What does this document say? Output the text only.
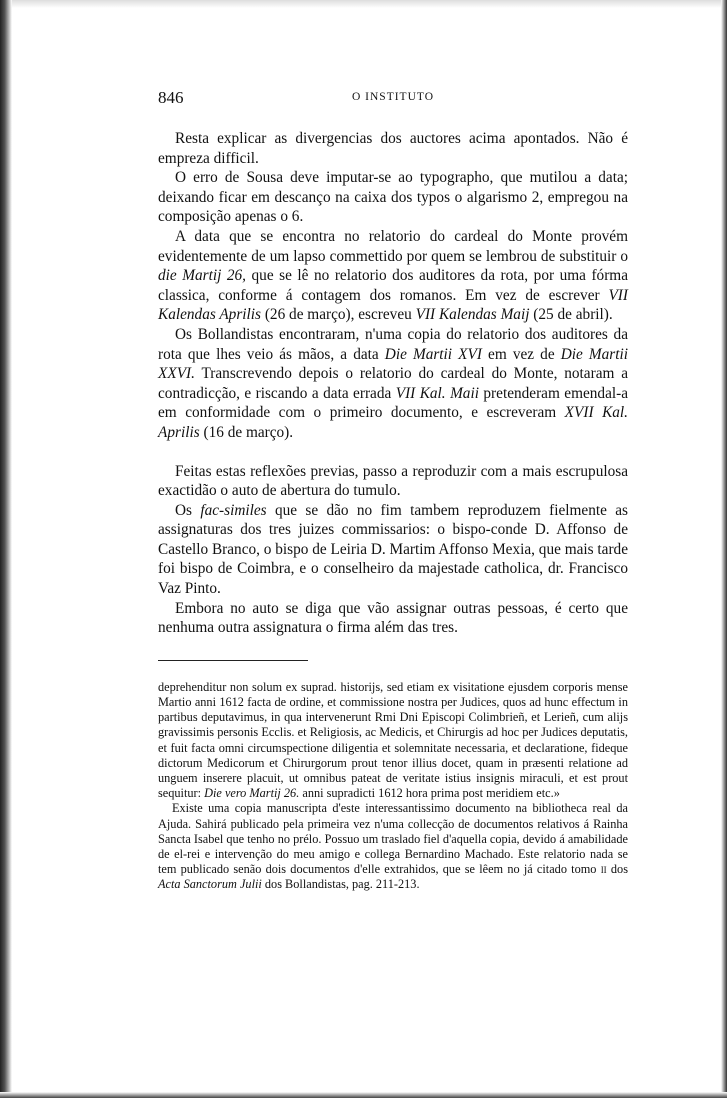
846	O INSTITUTO

Resta explicar as divergencias dos auctores acima apontados. Não é empreza difficil.

O erro de Sousa deve imputar-se ao typographo, que mutilou a data; deixando ficar em descanço na caixa dos typos o algarismo 2, empregou na composição apenas o 6.

A data que se encontra no relatorio do cardeal do Monte provém evidentemente de um lapso commettido por quem se lembrou de substituir o die Martij 26, que se lê no relatorio dos auditores da rota, por uma fórma classica, conforme á contagem dos romanos. Em vez de escrever VII Kalendas Aprilis (26 de março), escreveu VII Kalendas Maij (25 de abril).

Os Bollandistas encontraram, n'uma copia do relatorio dos auditores da rota que lhes veio ás mãos, a data Die Martii XVI em vez de Die Martii XXVI. Transcrevendo depois o relatorio do cardeal do Monte, notaram a contradicção, e riscando a data errada VII Kal. Maii pretenderam emendal-a em conformidade com o primeiro documento, e escreveram XVII Kal. Aprilis (16 de março).

Feitas estas reflexões previas, passo a reproduzir com a mais escrupulosa exactidão o auto de abertura do tumulo.

Os fac-similes que se dão no fim tambem reproduzem fielmente as assignaturas dos tres juizes commissarios: o bispo-conde D. Affonso de Castello Branco, o bispo de Leiria D. Martim Affonso Mexia, que mais tarde foi bispo de Coimbra, e o conselheiro da majestade catholica, dr. Francisco Vaz Pinto.

Embora no auto se diga que vão assignar outras pessoas, é certo que nenhuma outra assignatura o firma além das tres.

deprehenditur non solum ex suprad. historijs, sed etiam ex visitatione ejusdem corporis mense Martio anni 1612 facta de ordine, et commissione nostra per Judices, quos ad hunc effectum in partibus deputavimus, in qua intervenerunt Rmi Dni Episcopi Colimbrieñ, et Lerieñ, cum alijs gravissimis personis Ecclis. et Religiosis, ac Medicis, et Chirurgis ad hoc per Judices deputatis, et fuit facta omni circumspectione diligentia et solemnitate necessaria, et declaratione, fideque dictorum Medicorum et Chirurgorum prout tenor illius docet, quam in præsenti relatione ad unguem inserere placuit, ut omnibus pateat de veritate istius insignis miraculi, et est prout sequitur: Die vero Martij 26. anni supradicti 1612 hora prima post meridiem etc.»

Existe uma copia manuscripta d'este interessantissimo documento na bibliotheca real da Ajuda. Sahirá publicado pela primeira vez n'uma collecção de documentos relativos á Rainha Sancta Isabel que tenho no prélo. Possuo um traslado fiel d'aquella copia, devido á amabilidade de el-rei e intervenção do meu amigo e collega Bernardino Machado. Este relatorio nada se tem publicado senão dois documentos d'elle extrahidos, que se lêem no já citado tomo ii dos Acta Sanctorum Julii dos Bollandistas, pag. 211-213.
